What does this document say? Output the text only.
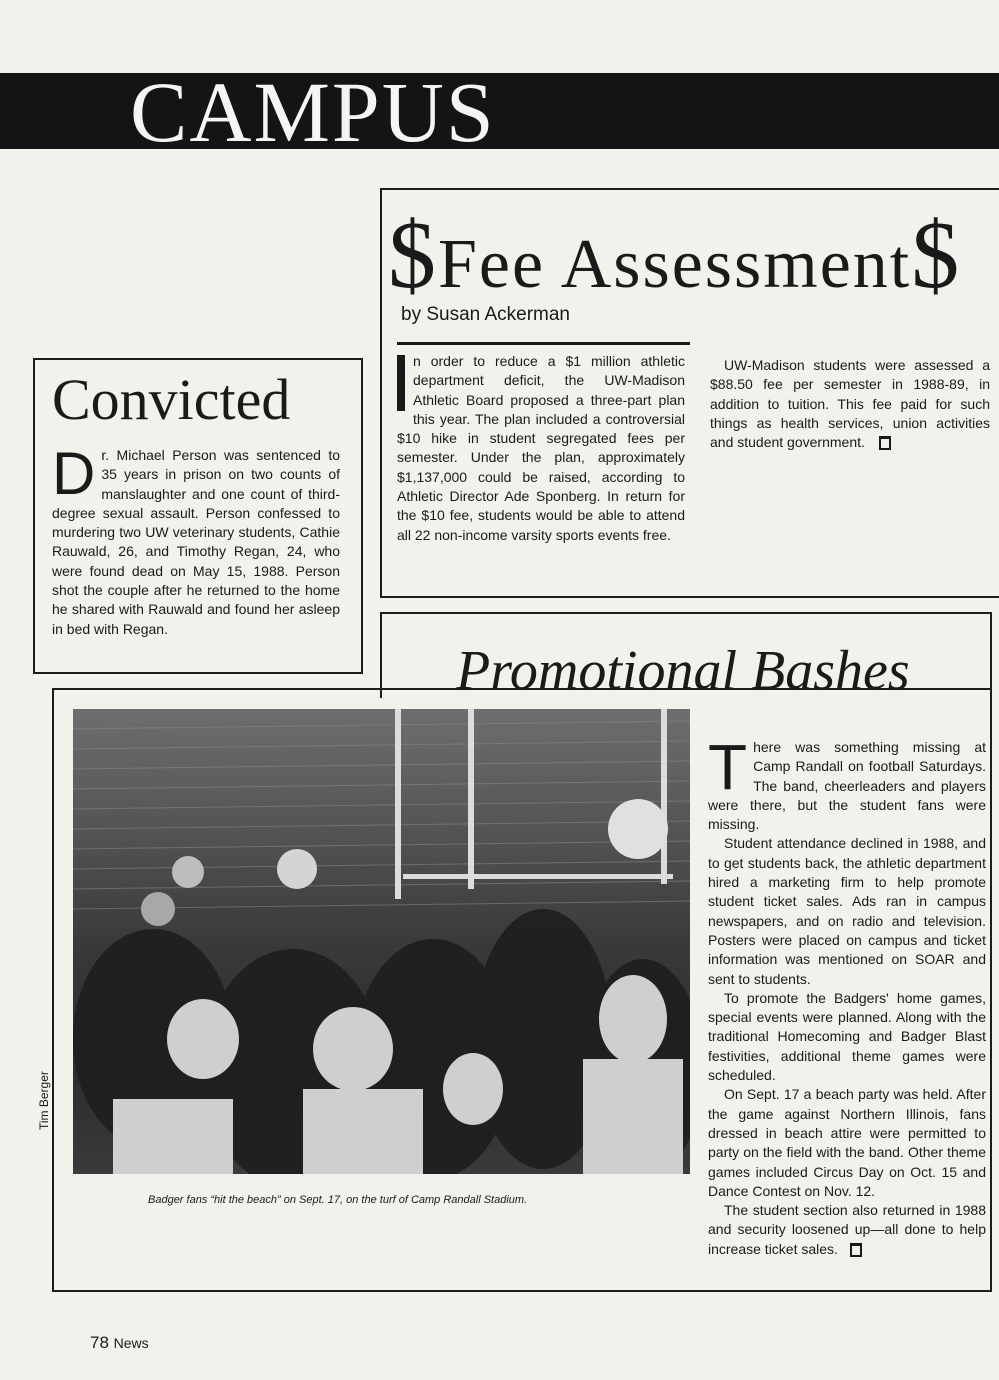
CAMPUS
$Fee Assessment$
by Susan Ackerman

n order to reduce a $1 million athletic department deficit, the UW-Madison Athletic Board proposed a three-part plan this year. The plan included a controversial $10 hike in student segregated fees per semester. Under the plan, approximately $1,137,000 could be raised, according to Athletic Director Ade Sponberg. In return for the $10 fee, students would be able to attend all 22 non-income varsity sports events free.

UW-Madison students were assessed a $88.50 fee per semester in 1988-89, in addition to tuition. This fee paid for such things as health services, union activities and student government.

Convicted

Dr. Michael Person was sentenced to 35 years in prison on two counts of manslaughter and one count of third-degree sexual assault. Person confessed to murdering two UW veterinary students, Cathie Rauwald, 26, and Timothy Regan, 24, who were found dead on May 15, 1988. Person shot the couple after he returned to the home he shared with Rauwald and found her asleep in bed with Regan.

Promotional Bashes
Tim Berger
Badger fans “hit the beach” on Sept. 17, on the turf of Camp Randall Stadium.

There was something missing at Camp Randall on football Saturdays. The band, cheerleaders and players were there, but the student fans were missing.

Student attendance declined in 1988, and to get students back, the athletic department hired a marketing firm to help promote student ticket sales. Ads ran in campus newspapers, and on radio and television. Posters were placed on campus and ticket information was mentioned on SOAR and sent to students.

To promote the Badgers' home games, special events were planned. Along with the traditional Homecoming and Badger Blast festivities, additional theme games were scheduled.

On Sept. 17 a beach party was held. After the game against Northern Illinois, fans dressed in beach attire were permitted to party on the field with the band. Other theme games included Circus Day on Oct. 15 and Dance Contest on Nov. 12.

The student section also returned in 1988 and security loosened up—all done to help increase ticket sales.

78 News
